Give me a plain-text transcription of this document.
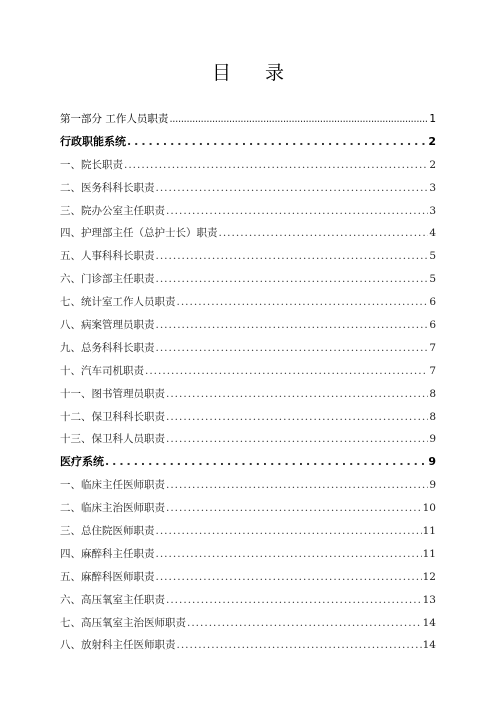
目 录
第一部分 工作人员职责 .....	1
行政职能系统 .....	2
一、院长职责 .....	2
二、医务科科长职责 .....	3
三、院办公室主任职责 .....	3
四、护理部主任（总护士长）职责 .....	4
五、人事科科长职责 .....	5
六、门诊部主任职责 .....	5
七、统计室工作人员职责 .....	6
八、病案管理员职责 .....	6
九、总务科科长职责 .....	7
十、汽车司机职责 .....	7
十一、图书管理员职责 .....	8
十二、保卫科科长职责 .....	8
十三、保卫科人员职责 .....	9
医疗系统 .....	9
一、临床主任医师职责 .....	9
二、临床主治医师职责 .....	10
三、总住院医师职责 .....	11
四、麻醉科主任职责 .....	11
五、麻醉科医师职责 .....	12
六、高压氧室主任职责 .....	13
七、高压氧室主治医师职责 .....	14
八、放射科主任医师职责 .....	14
